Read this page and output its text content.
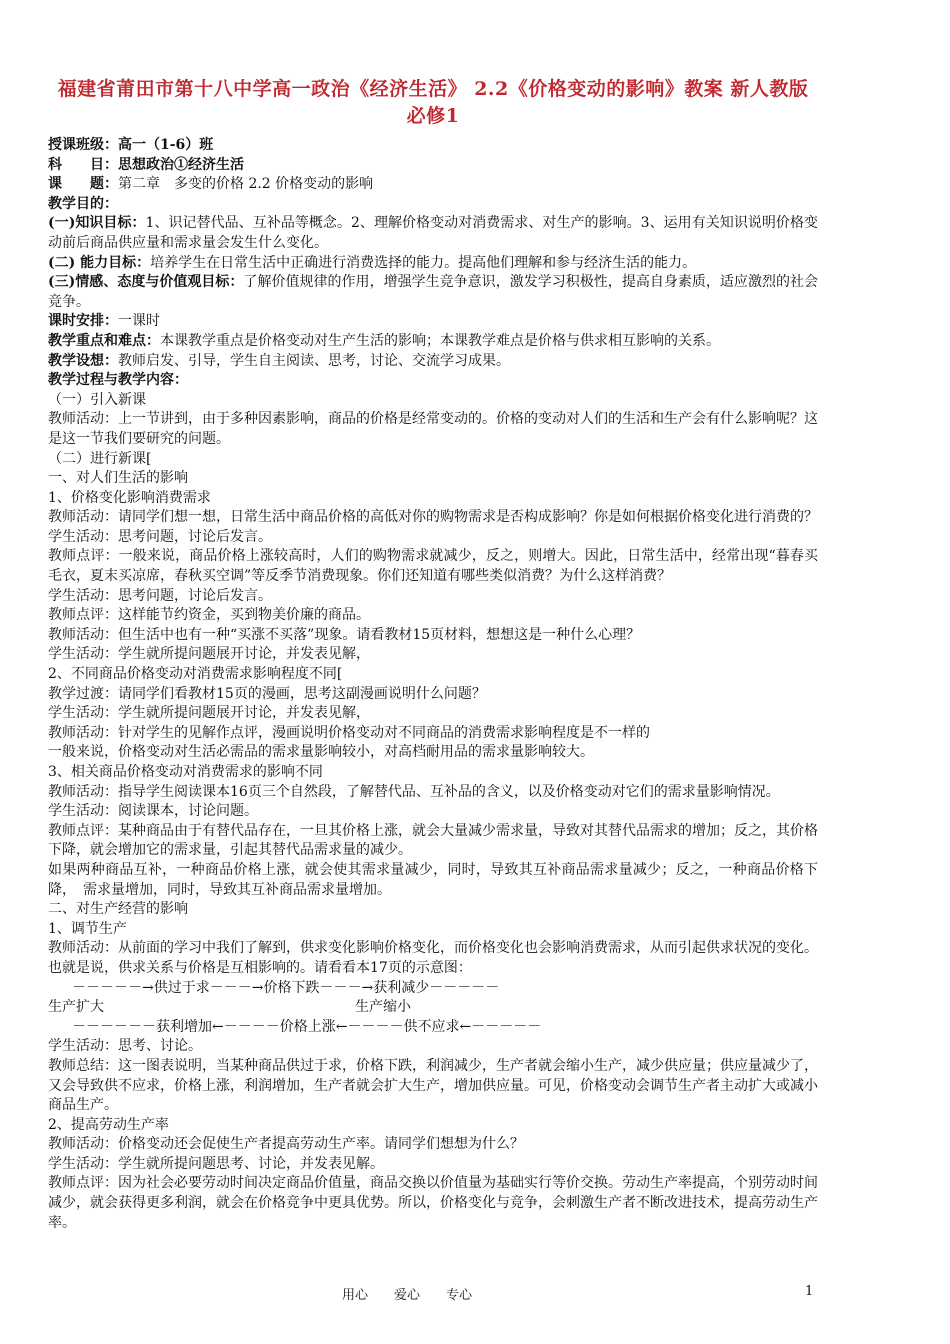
福建省莆田市第十八中学高一政治《经济生活》 2.2《价格变动的影响》教案 新人教版必修1

授课班级：高一（1-6）班

科　　目：思想政治①经济生活

课　　题：第二章　多变的价格 2.2 价格变动的影响

教学目的：

(一)知识目标：1、识记替代品、互补品等概念。2、理解价格变动对消费需求、对生产的影响。3、运用有关知识说明价格变动前后商品供应量和需求量会发生什么变化。

(二) 能力目标：培养学生在日常生活中正确进行消费选择的能力。提高他们理解和参与经济生活的能力。

(三)情感、态度与价值观目标：了解价值规律的作用，增强学生竞争意识，激发学习积极性，提高自身素质，适应激烈的社会竞争。

课时安排：一课时

教学重点和难点：本课教学重点是价格变动对生产生活的影响；本课教学难点是价格与供求相互影响的关系。

教学设想：教师启发、引导，学生自主阅读、思考，讨论、交流学习成果。

教学过程与教学内容：

（一）引入新课

教师活动：上一节讲到，由于多种因素影响，商品的价格是经常变动的。价格的变动对人们的生活和生产会有什么影响呢？这是这一节我们要研究的问题。

（二）进行新课[

一、对人们生活的影响

1、价格变化影响消费需求

教师活动：请同学们想一想，日常生活中商品价格的高低对你的购物需求是否构成影响？你是如何根据价格变化进行消费的？

学生活动：思考问题，讨论后发言。

教师点评：一般来说，商品价格上涨较高时，人们的购物需求就减少，反之，则增大。因此，日常生活中，经常出现“暮春买毛衣，夏末买凉席，春秋买空调”等反季节消费现象。你们还知道有哪些类似消费？为什么这样消费？

学生活动：思考问题，讨论后发言。

教师点评：这样能节约资金，买到物美价廉的商品。

教师活动：但生活中也有一种“买涨不买落”现象。请看教材15页材料，想想这是一种什么心理？

学生活动：学生就所提问题展开讨论，并发表见解，

2、不同商品价格变动对消费需求影响程度不同[

教学过渡：请同学们看教材15页的漫画，思考这副漫画说明什么问题？

学生活动：学生就所提问题展开讨论，并发表见解，

教师活动：针对学生的见解作点评，漫画说明价格变动对不同商品的消费需求影响程度是不一样的

一般来说，价格变动对生活必需品的需求量影响较小，对高档耐用品的需求量影响较大。

3、相关商品价格变动对消费需求的影响不同

教师活动：指导学生阅读课本16页三个自然段，了解替代品、互补品的含义，以及价格变动对它们的需求量影响情况。

学生活动：阅读课本，讨论问题。

教师点评：某种商品由于有替代品存在，一旦其价格上涨，就会大量减少需求量，导致对其替代品需求的增加；反之，其价格下降，就会增加它的需求量，引起其替代品需求量的减少。

如果两种商品互补，一种商品价格上涨，就会使其需求量减少，同时，导致其互补商品需求量减少；反之，一种商品价格下降，　需求量增加，同时，导致其互补商品需求量增加。

二、对生产经营的影响

1、调节生产

教师活动：从前面的学习中我们了解到，供求变化影响价格变化，而价格变化也会影响消费需求，从而引起供求状况的变化。也就是说，供求关系与价格是互相影响的。请看看本17页的示意图：

－－－－－→供过于求－－－→价格下跌－－－→获利减少－－－－－
生产扩大	生产缩小
－－－－－－获利增加←－－－－价格上涨←－－－－供不应求←－－－－－

学生活动：思考、讨论。

教师总结：这一图表说明，当某种商品供过于求，价格下跌，利润减少，生产者就会缩小生产，减少供应量；供应量减少了，又会导致供不应求，价格上涨，利润增加，生产者就会扩大生产，增加供应量。可见，价格变动会调节生产者主动扩大或减小商品生产。

2、提高劳动生产率

教师活动：价格变动还会促使生产者提高劳动生产率。请同学们想想为什么？

学生活动：学生就所提问题思考、讨论，并发表见解。

教师点评：因为社会必要劳动时间决定商品价值量，商品交换以价值量为基础实行等价交换。劳动生产率提高，个别劳动时间减少，就会获得更多利润，就会在价格竞争中更具优势。所以，价格变化与竞争，会刺激生产者不断改进技术，提高劳动生产率。

用心　　爱心　　专心	1
